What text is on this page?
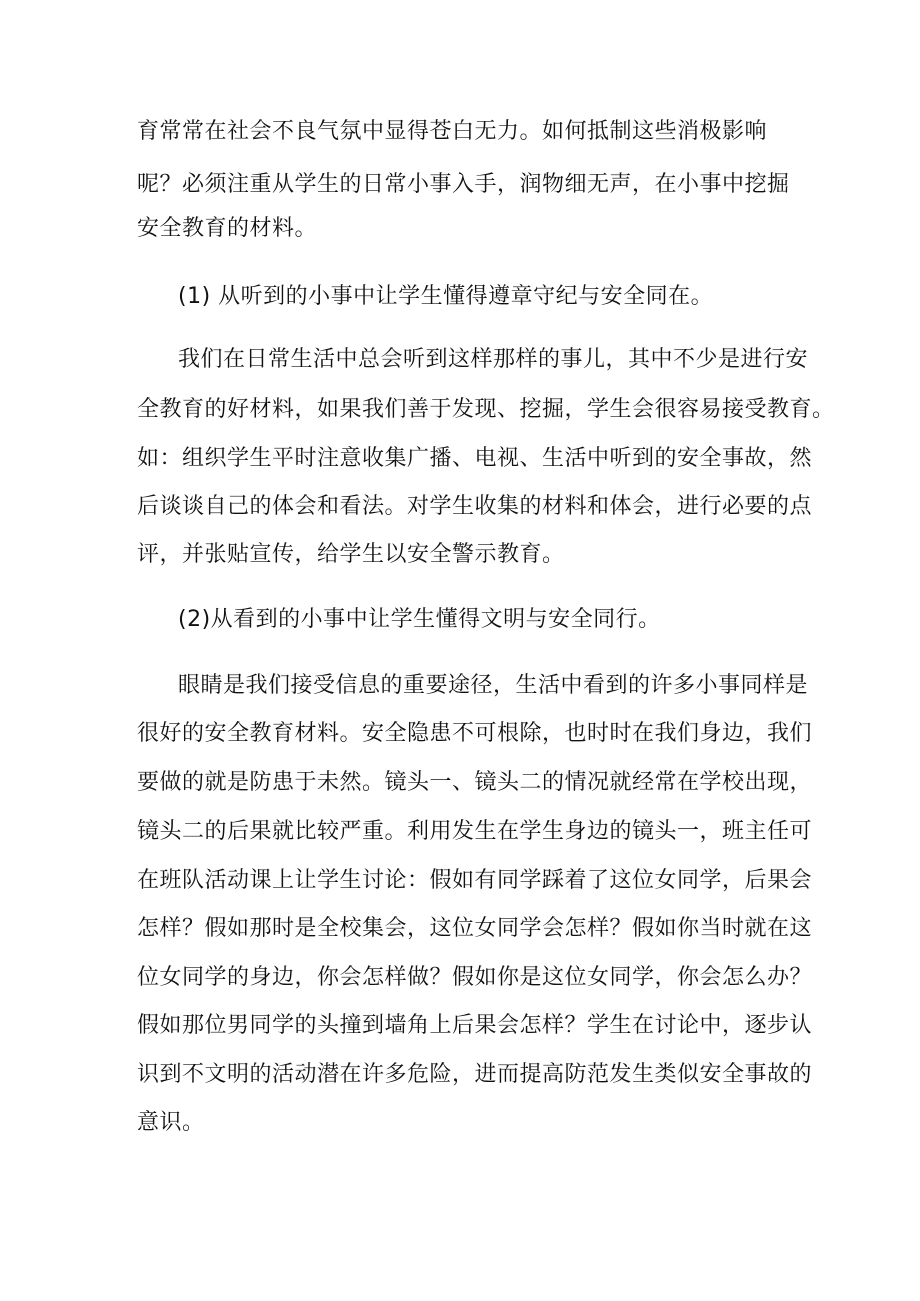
育常常在社会不良气氛中显得苍白无力。如何抵制这些消极影响
呢？必须注重从学生的日常小事入手，润物细无声，在小事中挖掘
安全教育的材料。
(1) 从听到的小事中让学生懂得遵章守纪与安全同在。
我们在日常生活中总会听到这样那样的事儿，其中不少是进行安
全教育的好材料，如果我们善于发现、挖掘，学生会很容易接受教育。
如：组织学生平时注意收集广播、电视、生活中听到的安全事故，然
后谈谈自己的体会和看法。对学生收集的材料和体会，进行必要的点
评，并张贴宣传，给学生以安全警示教育。
(2)从看到的小事中让学生懂得文明与安全同行。
眼睛是我们接受信息的重要途径，生活中看到的许多小事同样是
很好的安全教育材料。安全隐患不可根除，也时时在我们身边，我们
要做的就是防患于未然。镜头一、镜头二的情况就经常在学校出现，
镜头二的后果就比较严重。利用发生在学生身边的镜头一，班主任可
在班队活动课上让学生讨论：假如有同学踩着了这位女同学，后果会
怎样？假如那时是全校集会，这位女同学会怎样？假如你当时就在这
位女同学的身边，你会怎样做？假如你是这位女同学，你会怎么办？
假如那位男同学的头撞到墙角上后果会怎样？学生在讨论中，逐步认
识到不文明的活动潜在许多危险，进而提高防范发生类似安全事故的
意识。
